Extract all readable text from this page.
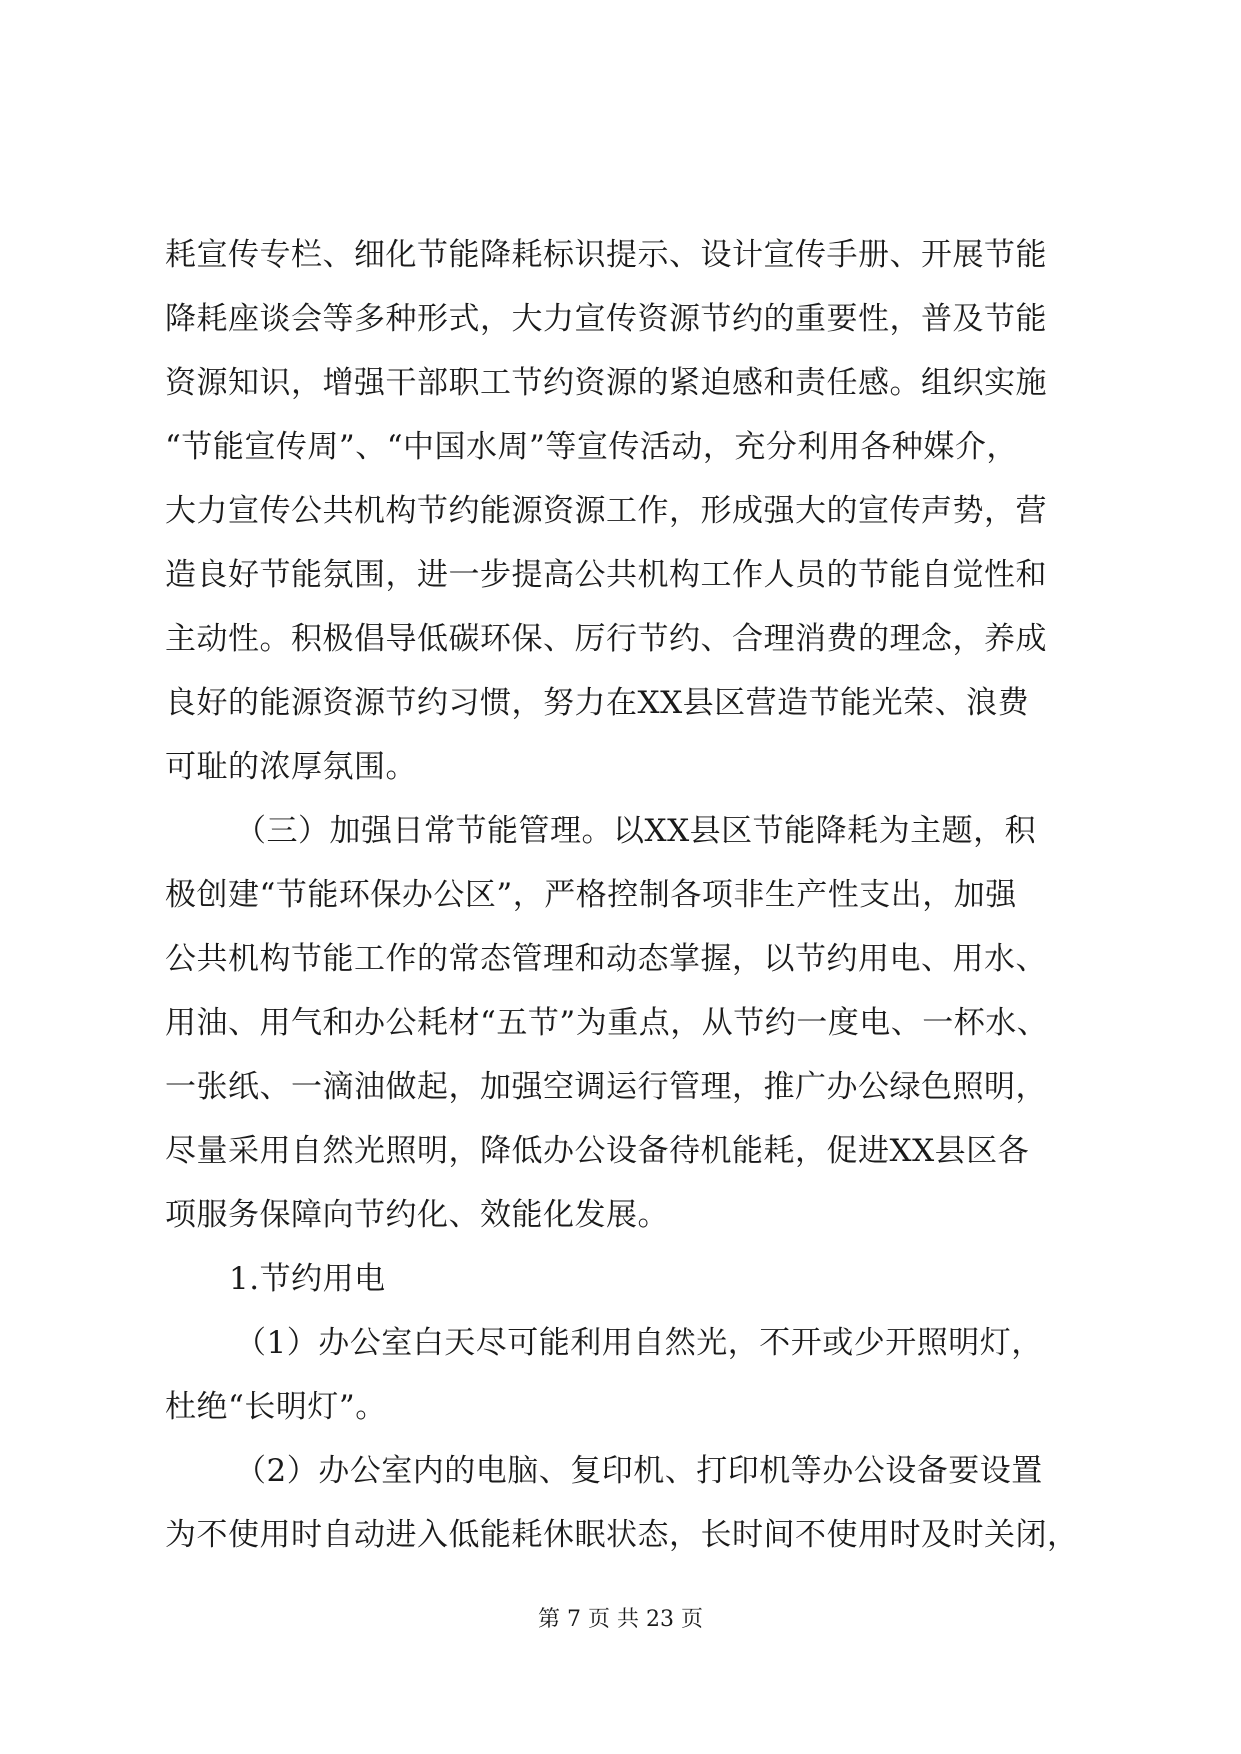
耗宣传专栏、细化节能降耗标识提示、设计宣传手册、开展节能
降耗座谈会等多种形式，大力宣传资源节约的重要性，普及节能
资源知识，增强干部职工节约资源的紧迫感和责任感。组织实施
“节能宣传周”、“中国水周”等宣传活动，充分利用各种媒介，
大力宣传公共机构节约能源资源工作，形成强大的宣传声势，营
造良好节能氛围，进一步提高公共机构工作人员的节能自觉性和
主动性。积极倡导低碳环保、厉行节约、合理消费的理念，养成
良好的能源资源节约习惯，努力在XX县区营造节能光荣、浪费
可耻的浓厚氛围。
（三）加强日常节能管理。以XX县区节能降耗为主题，积
极创建“节能环保办公区”，严格控制各项非生产性支出，加强
公共机构节能工作的常态管理和动态掌握，以节约用电、用水、
用油、用气和办公耗材“五节”为重点，从节约一度电、一杯水、
一张纸、一滴油做起，加强空调运行管理，推广办公绿色照明，
尽量采用自然光照明，降低办公设备待机能耗，促进XX县区各
项服务保障向节约化、效能化发展。
1.节约用电
（1）办公室白天尽可能利用自然光，不开或少开照明灯，
杜绝“长明灯”。
（2）办公室内的电脑、复印机、打印机等办公设备要设置
为不使用时自动进入低能耗休眠状态，长时间不使用时及时关闭，
第 7 页 共 23 页
